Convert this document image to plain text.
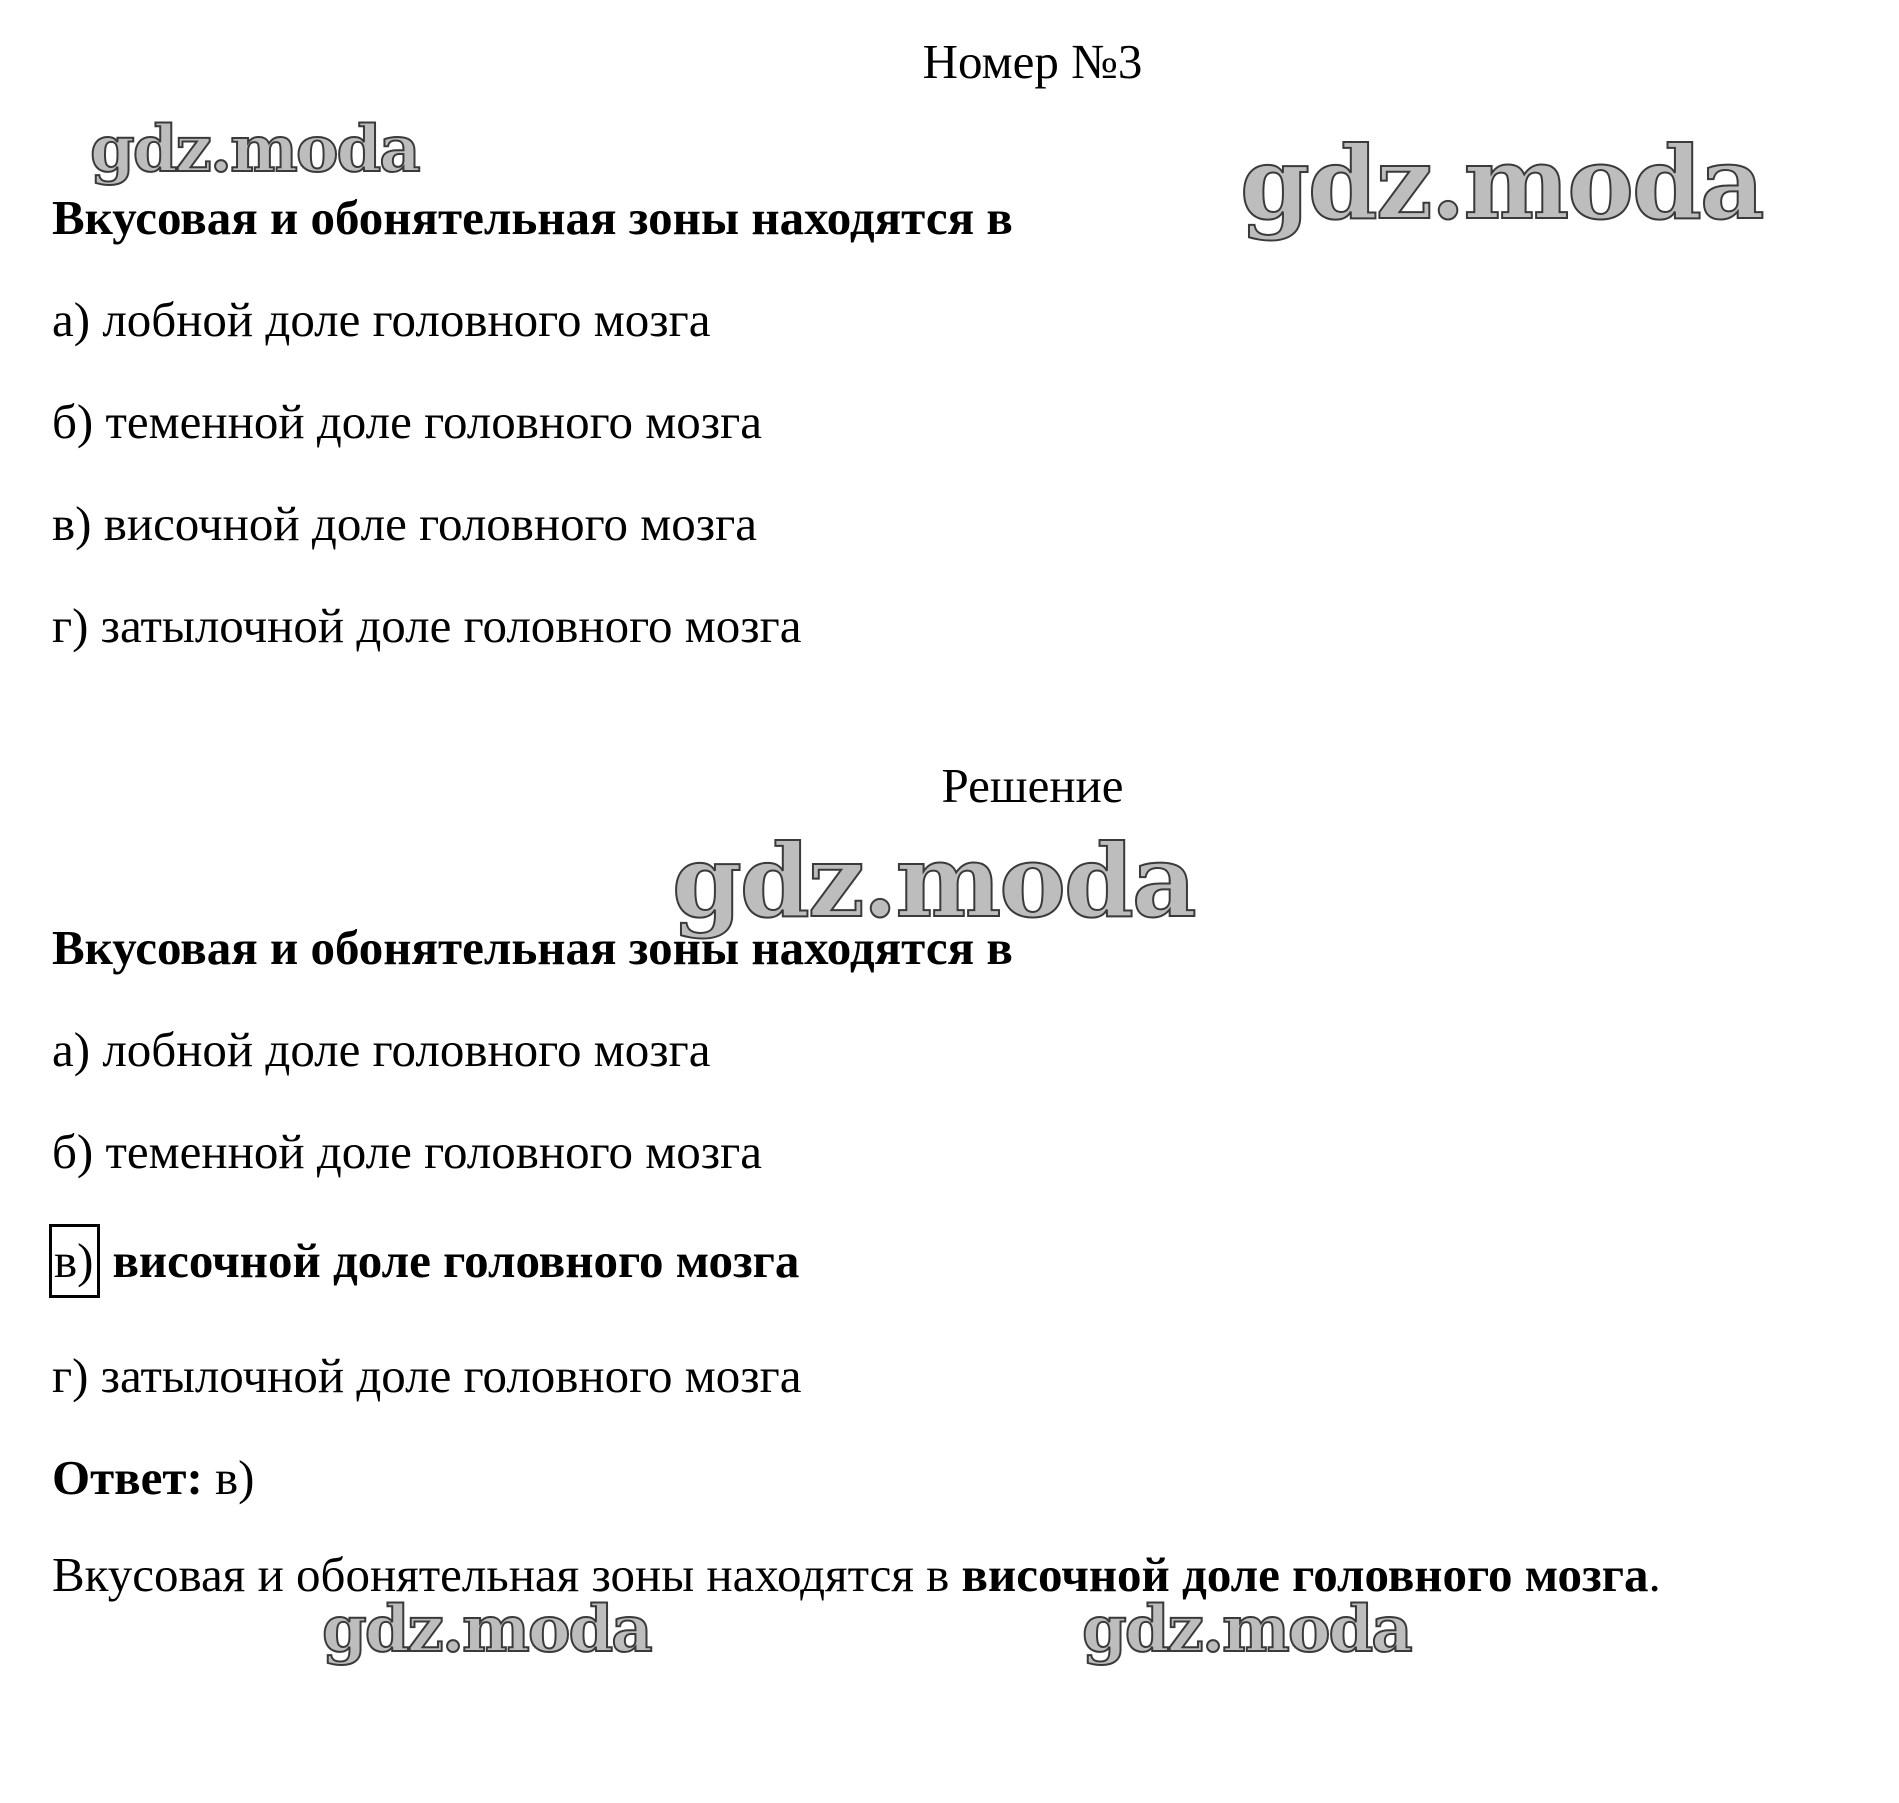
Номер №3
Вкусовая и обонятельная зоны находятся в
а) лобной доле головного мозга
б) теменной доле головного мозга
в) височной доле головного мозга
г) затылочной доле головного мозга
Решение
Вкусовая и обонятельная зоны находятся в
а) лобной доле головного мозга
б) теменной доле головного мозга
в) височной доле головного мозга
г) затылочной доле головного мозга
Ответ: в)
Вкусовая и обонятельная зоны находятся в височной доле головного мозга.
gdz.moda	gdz.moda
gdz.moda
gdz.moda	gdz.moda
